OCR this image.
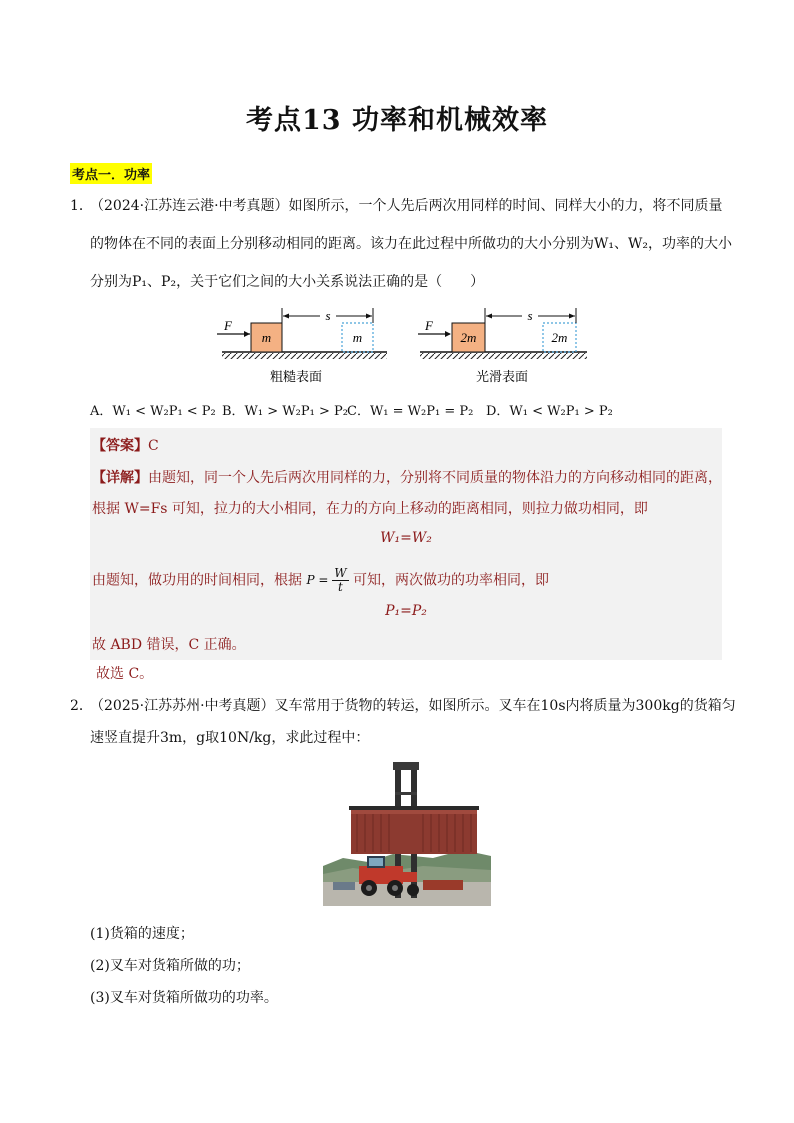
考点13 功率和机械效率
考点一．功率
1．
（2024·江苏连云港·中考真题）如图所示，一个人先后两次用同样的时间、同样大小的力，将不同质量
的物体在不同的表面上分别移动相同的距离。该力在此过程中所做功的大小分别为W₁、W₂，功率的大小
分别为P₁、P₂，关于它们之间的大小关系说法正确的是（　　）
F
m	m
s
粗糙表面
F
2m	2m
s
光滑表面
A．W₁ < W₂P₁ < P₂ B．W₁ > W₂P₁ > P₂ C．W₁ = W₂P₁ = P₂ D．W₁ < W₂P₁ > P₂
【答案】C
【详解】由题知，同一个人先后两次用同样的力，分别将不同质量的物体沿力的方向移动相同的距离，
根据 W=Fs 可知，拉力的大小相同，在力的方向上移动的距离相同，则拉力做功相同，即
W₁=W₂
由题知，做功用的时间相同，根据 $P = \frac{W}{t}$ 可知，两次做功的功率相同，即
P₁=P₂
故 ABD 错误，C 正确。
故选 C。
2．
（2025·江苏苏州·中考真题）叉车常用于货物的转运，如图所示。叉车在10s内将质量为300kg的货箱匀
速竖直提升3m，g取10N/kg，求此过程中：
(1)货箱的速度；
(2)叉车对货箱所做的功；
(3)叉车对货箱所做功的功率。
